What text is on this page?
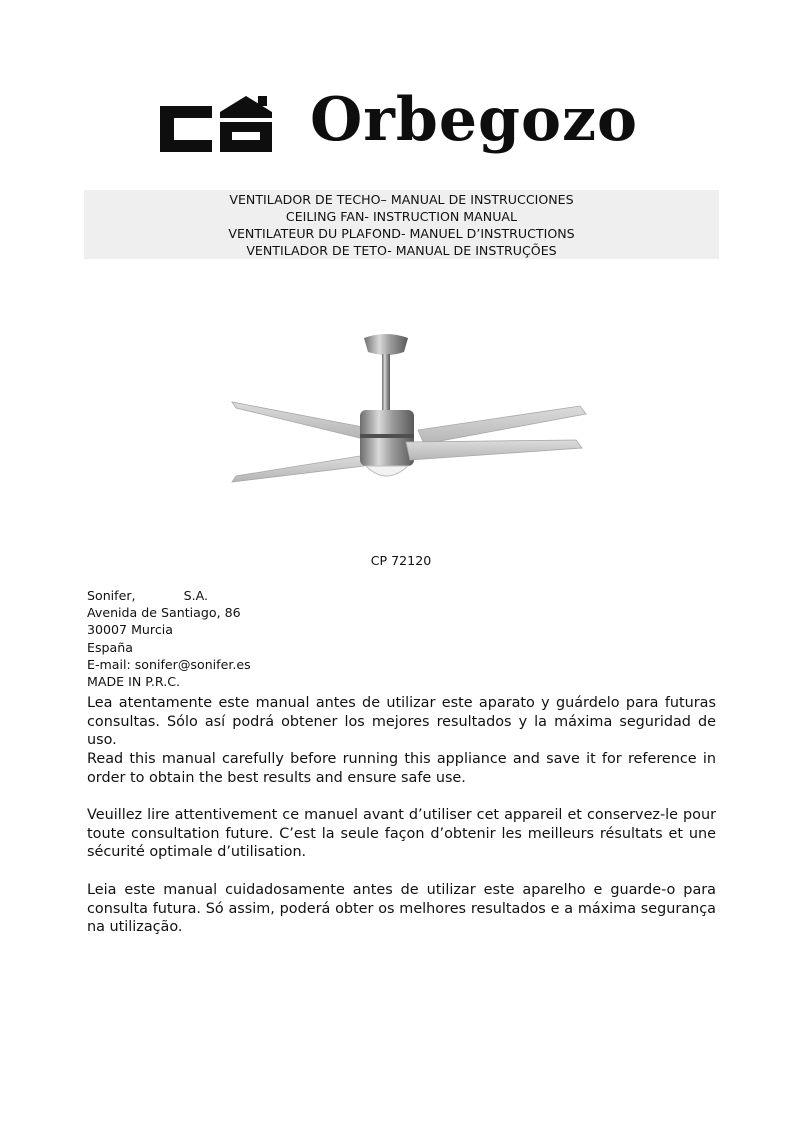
Orbegozo
VENTILADOR DE TECHO– MANUAL DE INSTRUCCIONES
CEILING FAN- INSTRUCTION MANUAL
VENTILATEUR DU PLAFOND- MANUEL D’INSTRUCTIONS
VENTILADOR DE TETO- MANUAL DE INSTRUÇÕES
CP 72120
Sonifer,            S.A.
Avenida de Santiago, 86
30007 Murcia
España
E-mail: sonifer@sonifer.es
MADE IN P.R.C.

Lea atentamente este manual antes de utilizar este aparato y guárdelo para futuras consultas. Sólo así podrá obtener los mejores resultados y la máxima seguridad de uso.

Read this manual carefully before running this appliance and save it for reference in order to obtain the best results and ensure safe use.

Veuillez lire attentivement ce manuel avant d’utiliser cet appareil et conservez-le pour toute consultation future. C’est la seule façon d’obtenir les meilleurs résultats et une sécurité optimale d’utilisation.

Leia este manual cuidadosamente antes de utilizar este aparelho e guarde-o para consulta futura. Só assim, poderá obter os melhores resultados e a máxima segurança na utilização.
